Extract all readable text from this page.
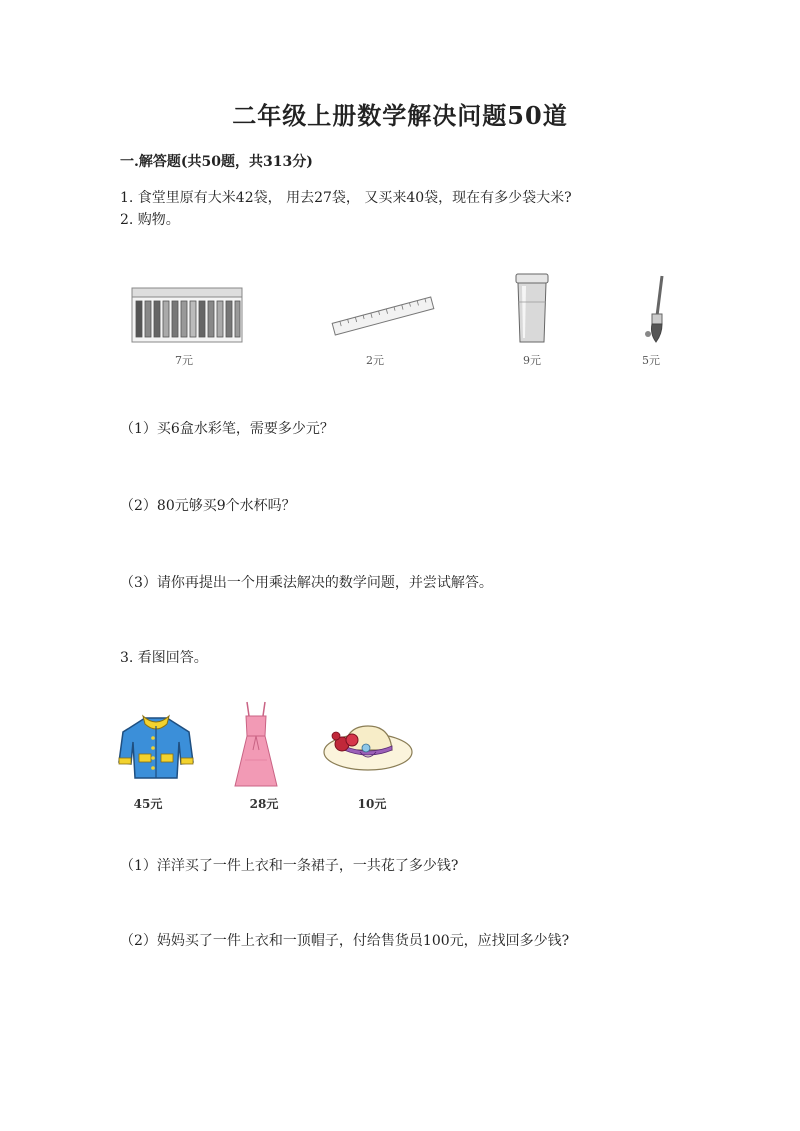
二年级上册数学解决问题50道
一.解答题(共50题，共313分)
1. 食堂里原有大米42袋， 用去27袋， 又买来40袋，现在有多少袋大米?
2. 购物。
7元	2元	9元	5元
（1）买6盒水彩笔，需要多少元？
（2）80元够买9个水杯吗？
（3）请你再提出一个用乘法解决的数学问题，并尝试解答。
3. 看图回答。
45元	28元	10元
（1）洋洋买了一件上衣和一条裙子，一共花了多少钱?
（2）妈妈买了一件上衣和一顶帽子，付给售货员100元，应找回多少钱?
